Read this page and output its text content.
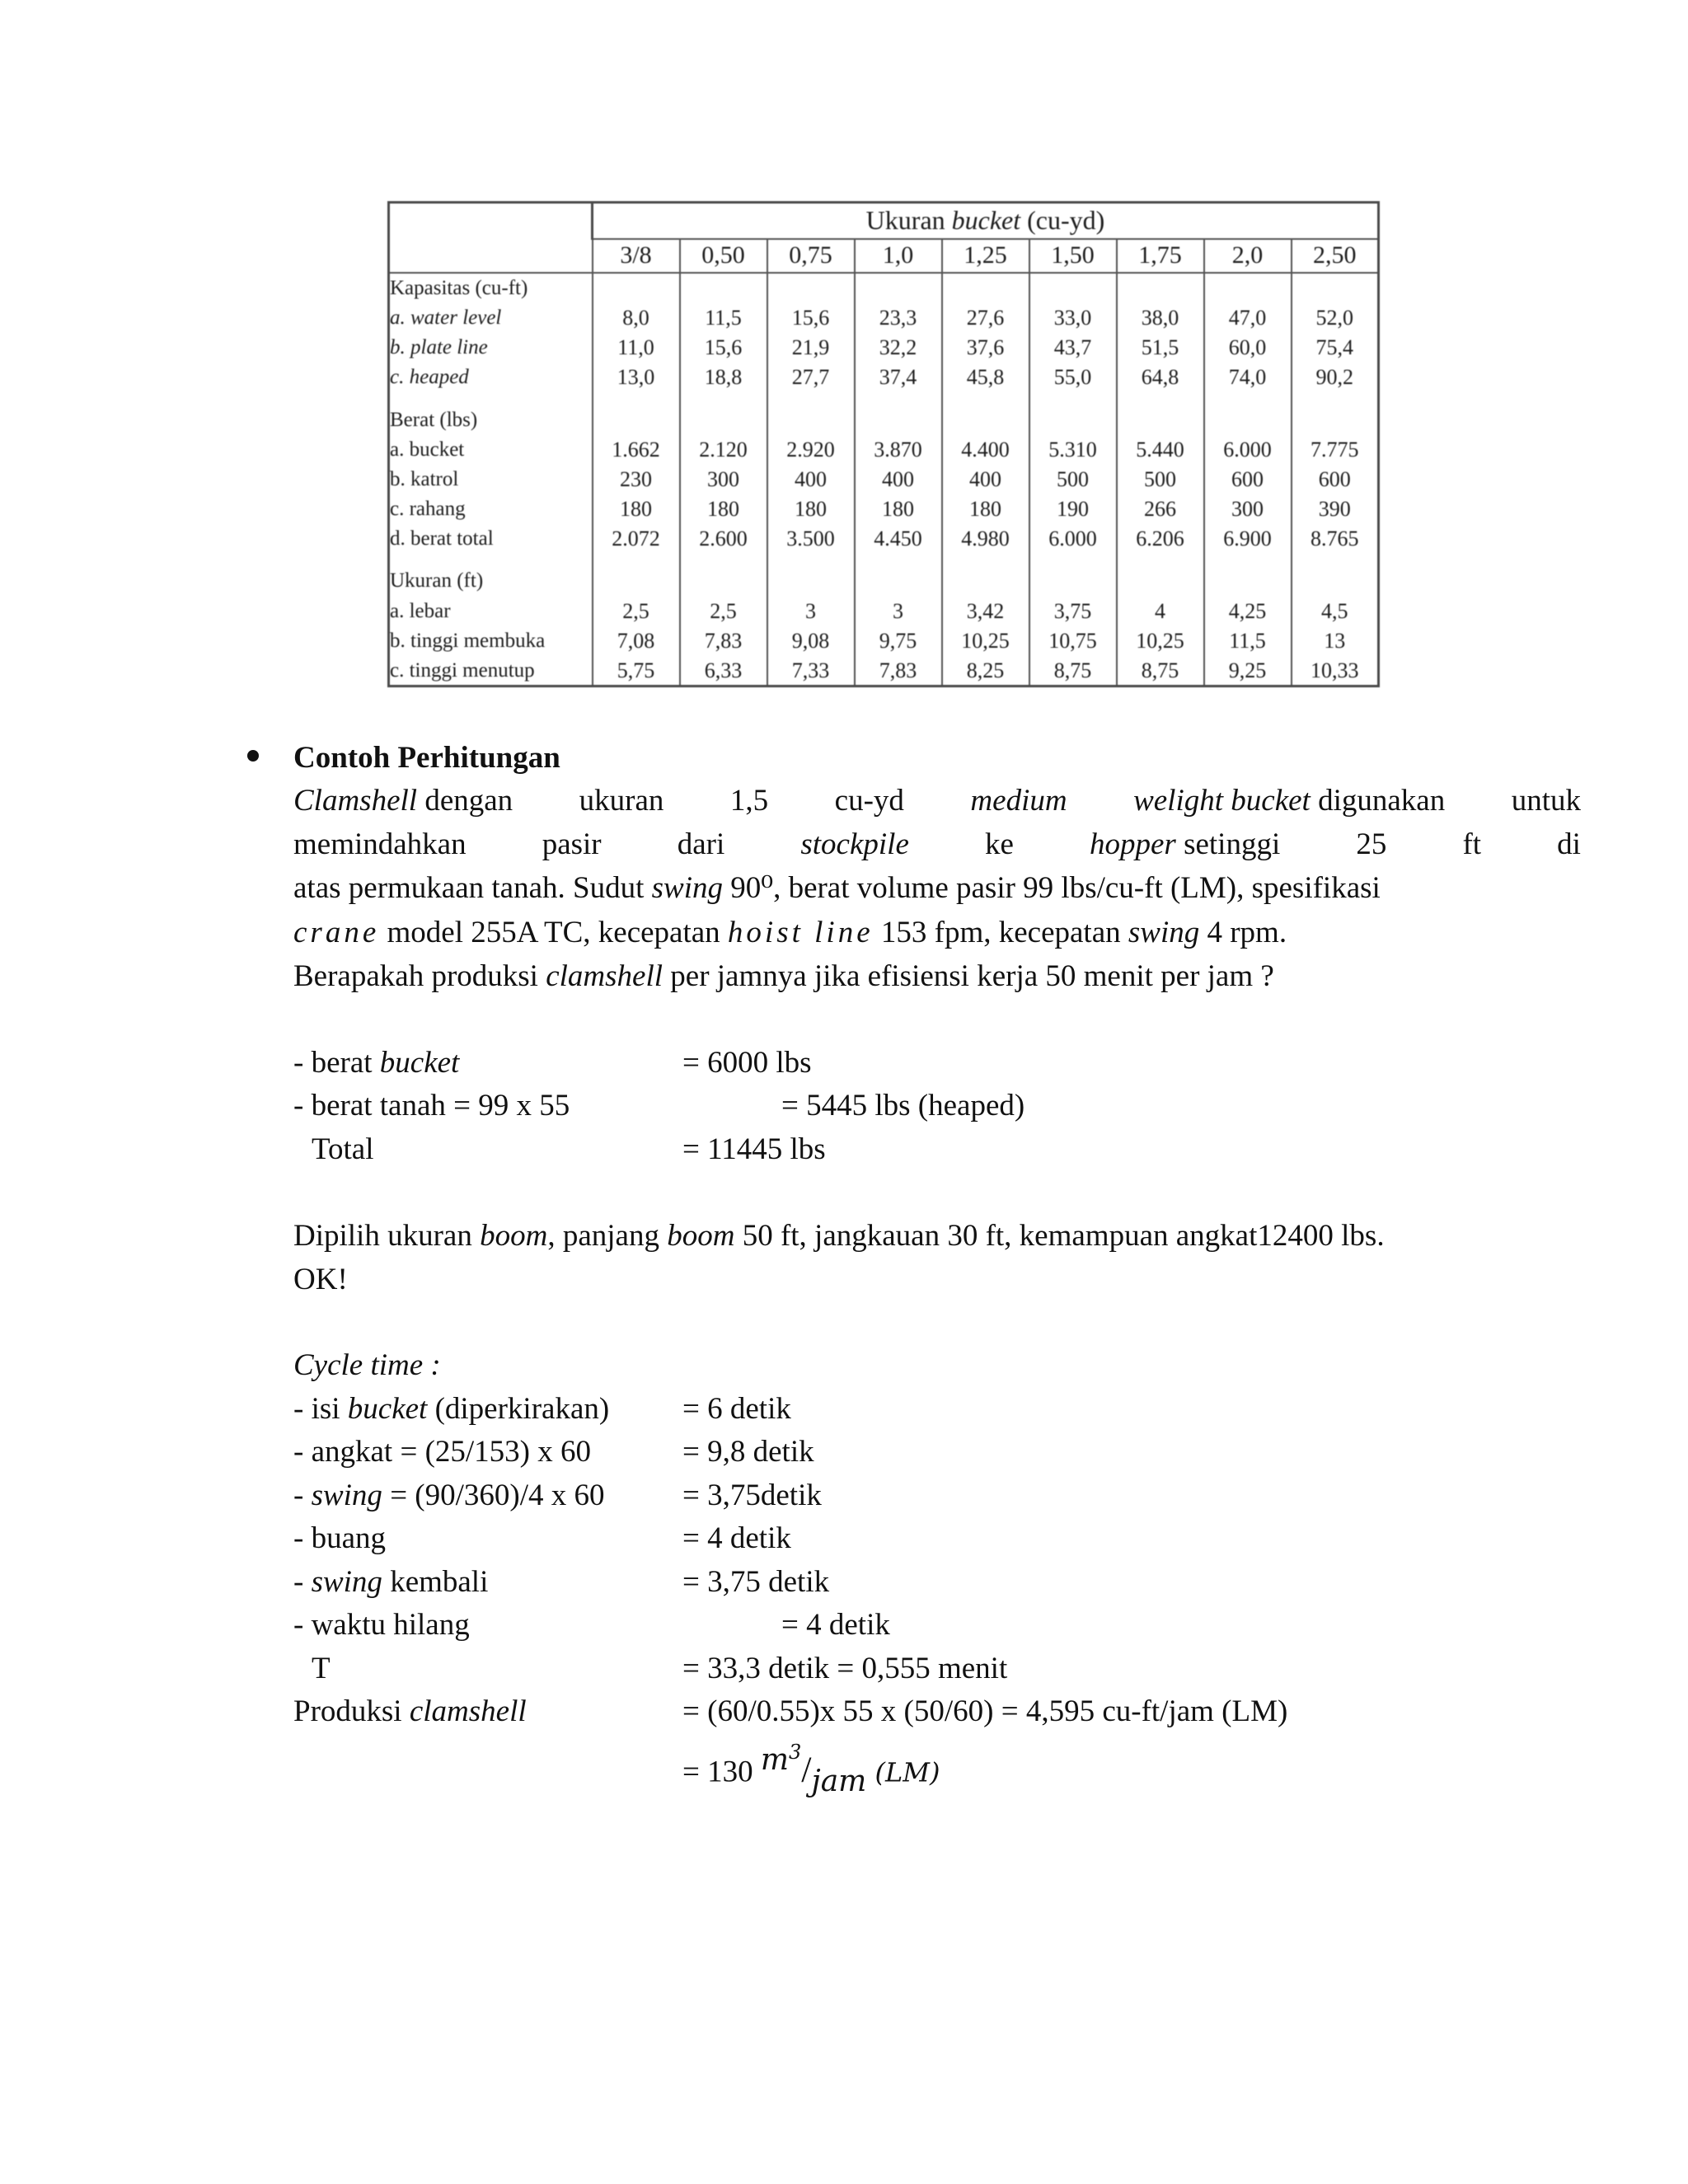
	Ukuran bucket (cu-yd)								
	3/8	0,50	0,75	1,0	1,25	1,50	1,75	2,0	2,50
Kapasitas (cu-ft)									
a. water level	8,0	11,5	15,6	23,3	27,6	33,0	38,0	47,0	52,0
b. plate line	11,0	15,6	21,9	32,2	37,6	43,7	51,5	60,0	75,4
c. heaped	13,0	18,8	27,7	37,4	45,8	55,0	64,8	74,0	90,2

Berat (lbs)									
a. bucket	1.662	2.120	2.920	3.870	4.400	5.310	5.440	6.000	7.775
b. katrol	230	300	400	400	400	500	500	600	600
c. rahang	180	180	180	180	180	190	266	300	390
d. berat total	2.072	2.600	3.500	4.450	4.980	6.000	6.206	6.900	8.765

Ukuran (ft)									
a. lebar	2,5	2,5	3	3	3,42	3,75	4	4,25	4,5
b. tinggi membuka	7,08	7,83	9,08	9,75	10,25	10,75	10,25	11,5	13
c. tinggi menutup	5,75	6,33	7,33	7,83	8,25	8,75	8,75	9,25	10,33
Contoh Perhitungan
Clamshell dengan ukuran 1,5 cu-yd medium welight bucket digunakan untuk
memindahkan pasir dari stockpile ke hopper setinggi 25 ft di
atas permukaan tanah. Sudut swing 90⁰, berat volume pasir 99 lbs/cu-ft (LM), spesifikasi
crane model 255A TC, kecepatan hoist line 153 fpm, kecepatan swing 4 rpm.
Berapakah produksi clamshell per jamnya jika efisiensi kerja 50 menit per jam ?
- berat bucket	= 6000 lbs
- berat tanah = 99 x 55	= 5445 lbs (heaped)
Total	= 11445 lbs
Dipilih ukuran boom, panjang boom 50 ft, jangkauan 30 ft, kemampuan angkat12400 lbs.
OK!
Cycle time :
- isi bucket (diperkirakan) = 6 detik
- angkat = (25/153) x 60	= 9,8 detik
- swing = (90/360)/4 x 60	= 3,75detik
- buang	= 4 detik
- swing kembali	= 3,75 detik
- waktu hilang	= 4 detik
T	= 33,3 detik = 0,555 menit
Produksi clamshell	= (60/0.55)x 55 x (50/60) = 4,595 cu-ft/jam (LM)
= 130 $m^3$/jam (LM)
